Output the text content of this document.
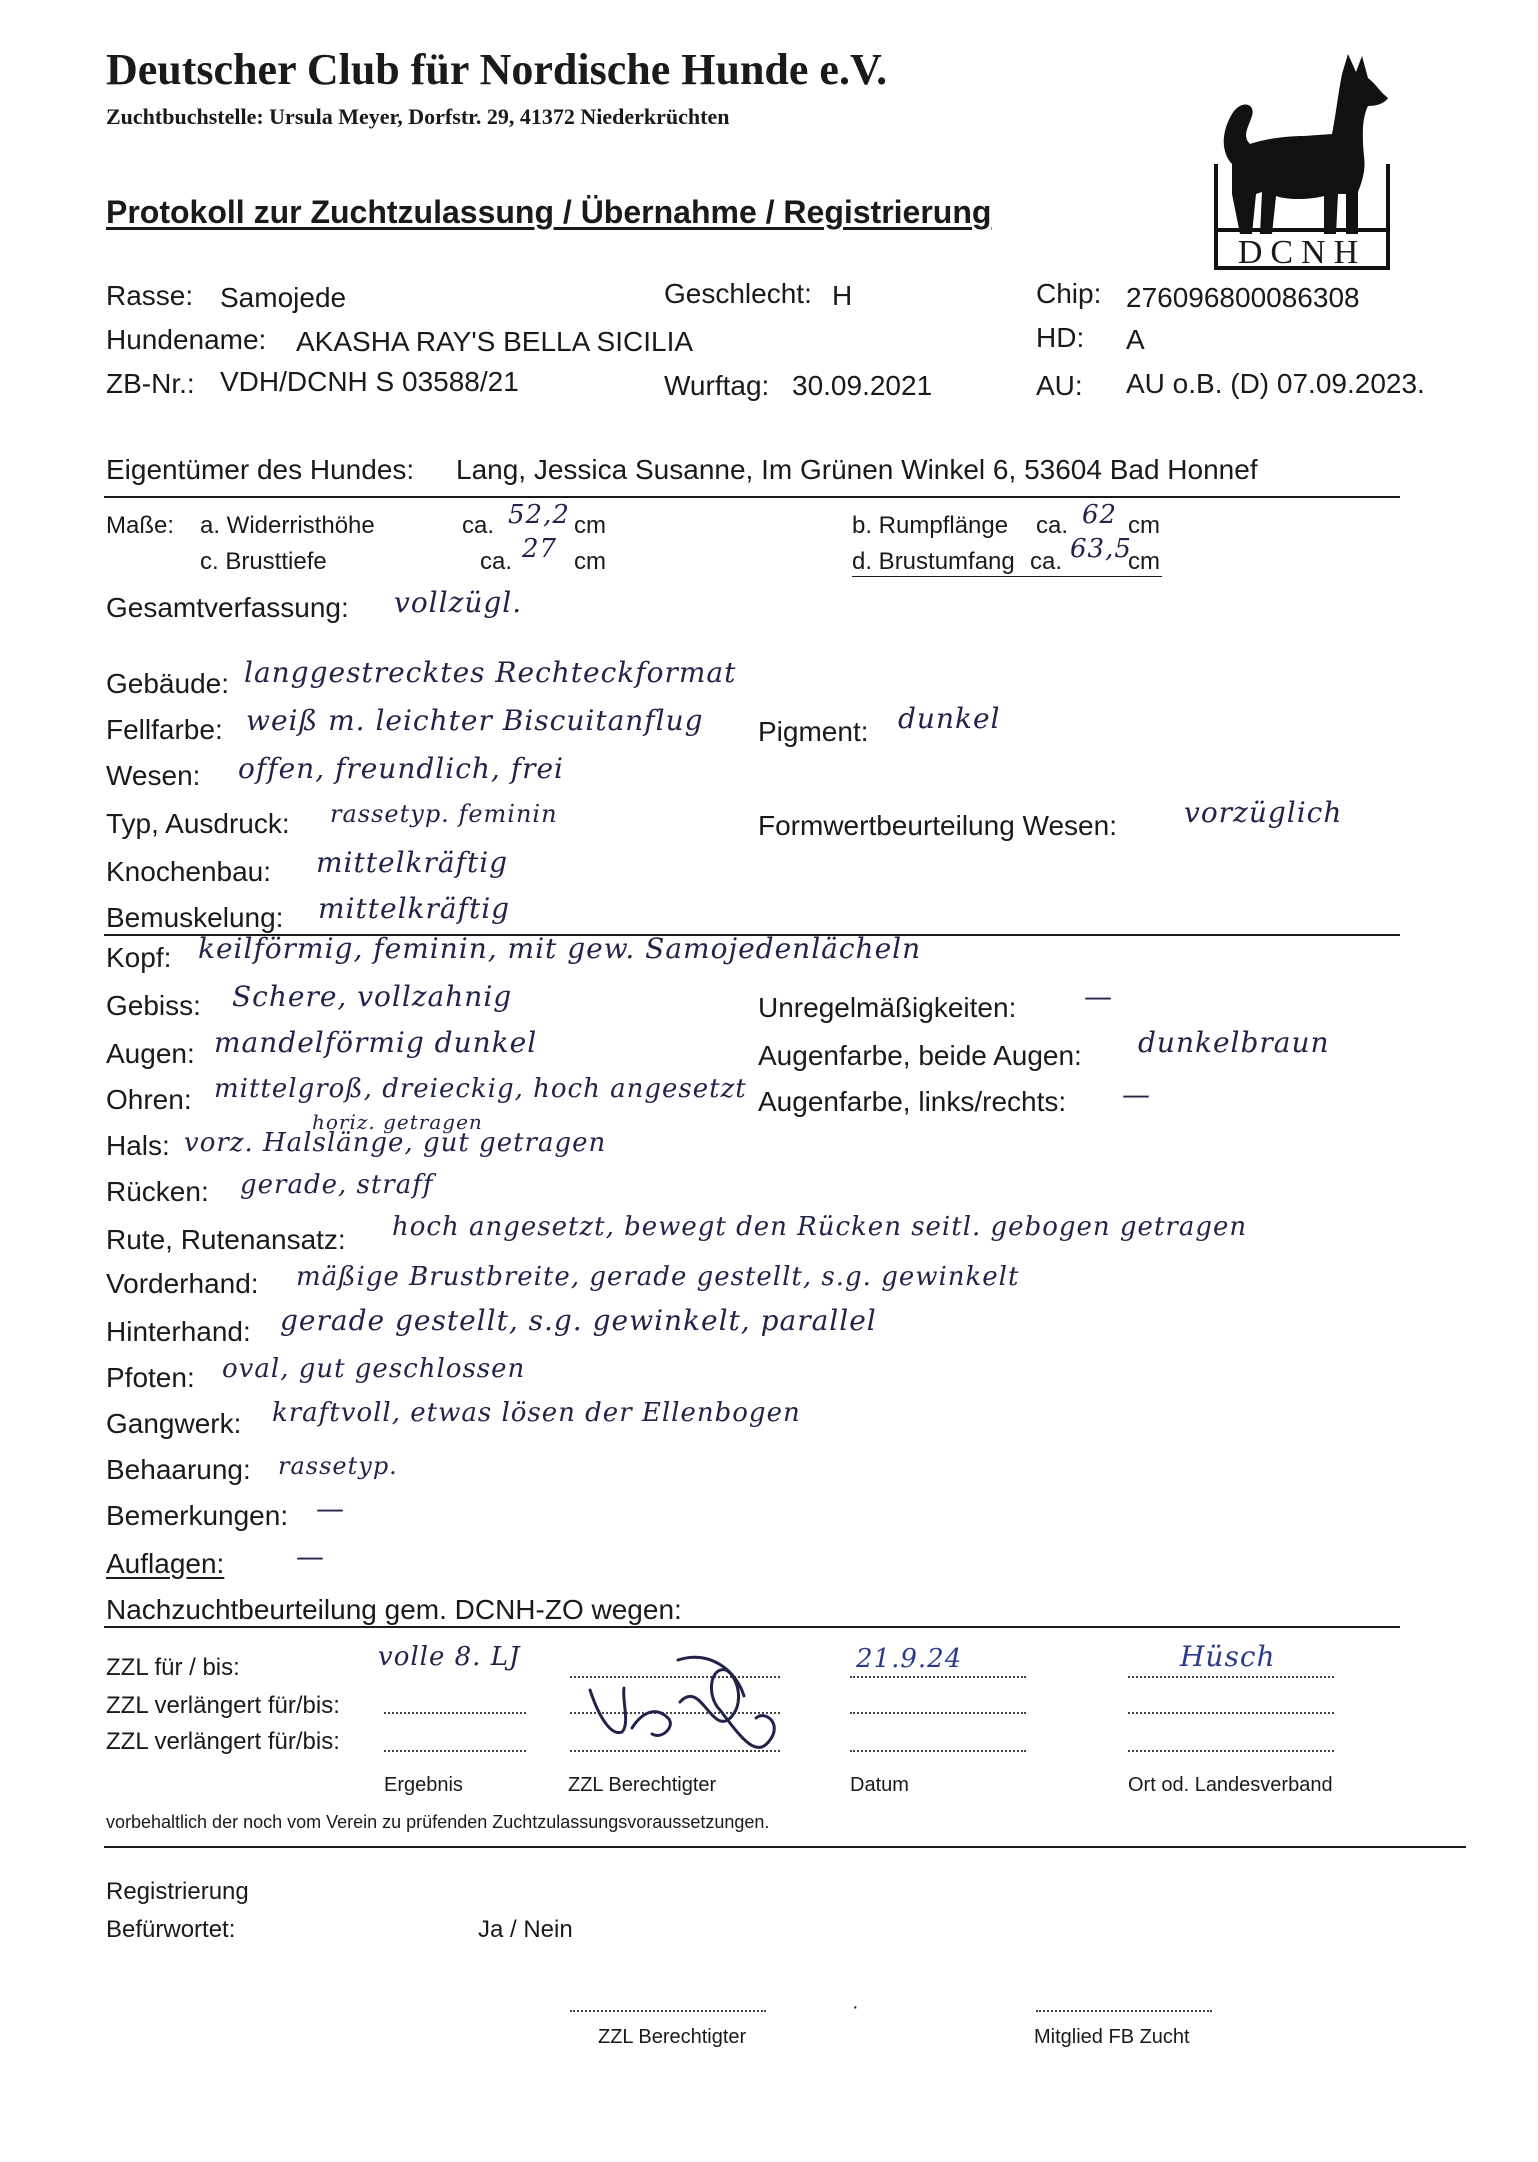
Deutscher Club für Nordische Hunde e.V.
Zuchtbuchstelle: Ursula Meyer, Dorfstr. 29, 41372 Niederkrüchten
DCNH
Protokoll zur Zuchtzulassung / Übernahme / Registrierung
Rasse: Samojede	Geschlecht: H	Chip: 276096800086308
Hundename: AKASHA RAY'S BELLA SICILIA	HD: A
ZB-Nr.: VDH/DCNH S 03588/21	Wurftag: 30.09.2021	AU: AU o.B. (D) 07.09.2023.
Eigentümer des Hundes: Lang, Jessica Susanne, Im Grünen Winkel 6, 53604 Bad Honnef
Maße: a. Widerristhöhe	ca. 52,2 cm	b. Rumpflänge ca. 62 cm
c. Brusttiefe	ca. 27 cm	d. Brustumfang ca. 63,5
cm
Gesamtverfassung: vollzügl.
Gebäude: langgestrecktes Rechteckformat
Fellfarbe: weiß m. leichter Biscuitanflug Pigment: dunkel
Wesen: offen, freundlich, frei
Typ, Ausdruck: rassetyp. feminin	Formwertbeurteilung Wesen: vorzüglich
Knochenbau: mittelkräftig
Bemuskelung: mittelkräftig
Kopf: keilförmig, feminin, mit gew. Samojedenlächeln
Gebiss: Schere, vollzahnig	Unregelmäßigkeiten: —
Augen: mandelförmig dunkel	Augenfarbe, beide Augen: dunkelbraun
Ohren: mittelgroß, dreieckig, hoch angesetzt Augenfarbe, links/rechts: —
horiz. getragen
Hals: vorz. Halslänge, gut getragen
Rücken: gerade, straff
Rute, Rutenansatz: hoch angesetzt, bewegt den Rücken seitl. gebogen getragen
Vorderhand: mäßige Brustbreite, gerade gestellt, s.g. gewinkelt
Hinterhand: gerade gestellt, s.g. gewinkelt, parallel
Pfoten: oval, gut geschlossen
Gangwerk: kraftvoll, etwas lösen der Ellenbogen
Behaarung: rassetyp.
Bemerkungen: —
Auflagen:	—
Nachzuchtbeurteilung gem. DCNH-ZO wegen:
ZZL für / bis:	volle 8. LJ	21.9.24	Hüsch
ZZL verlängert für/bis:
ZZL verlängert für/bis:
Ergebnis	ZZL Berechtigter	Datum	Ort od. Landesverband
vorbehaltlich der noch vom Verein zu prüfenden Zuchtzulassungsvoraussetzungen.
Registrierung
Befürwortet:	Ja / Nein
·
ZZL Berechtigter	Mitglied FB Zucht
